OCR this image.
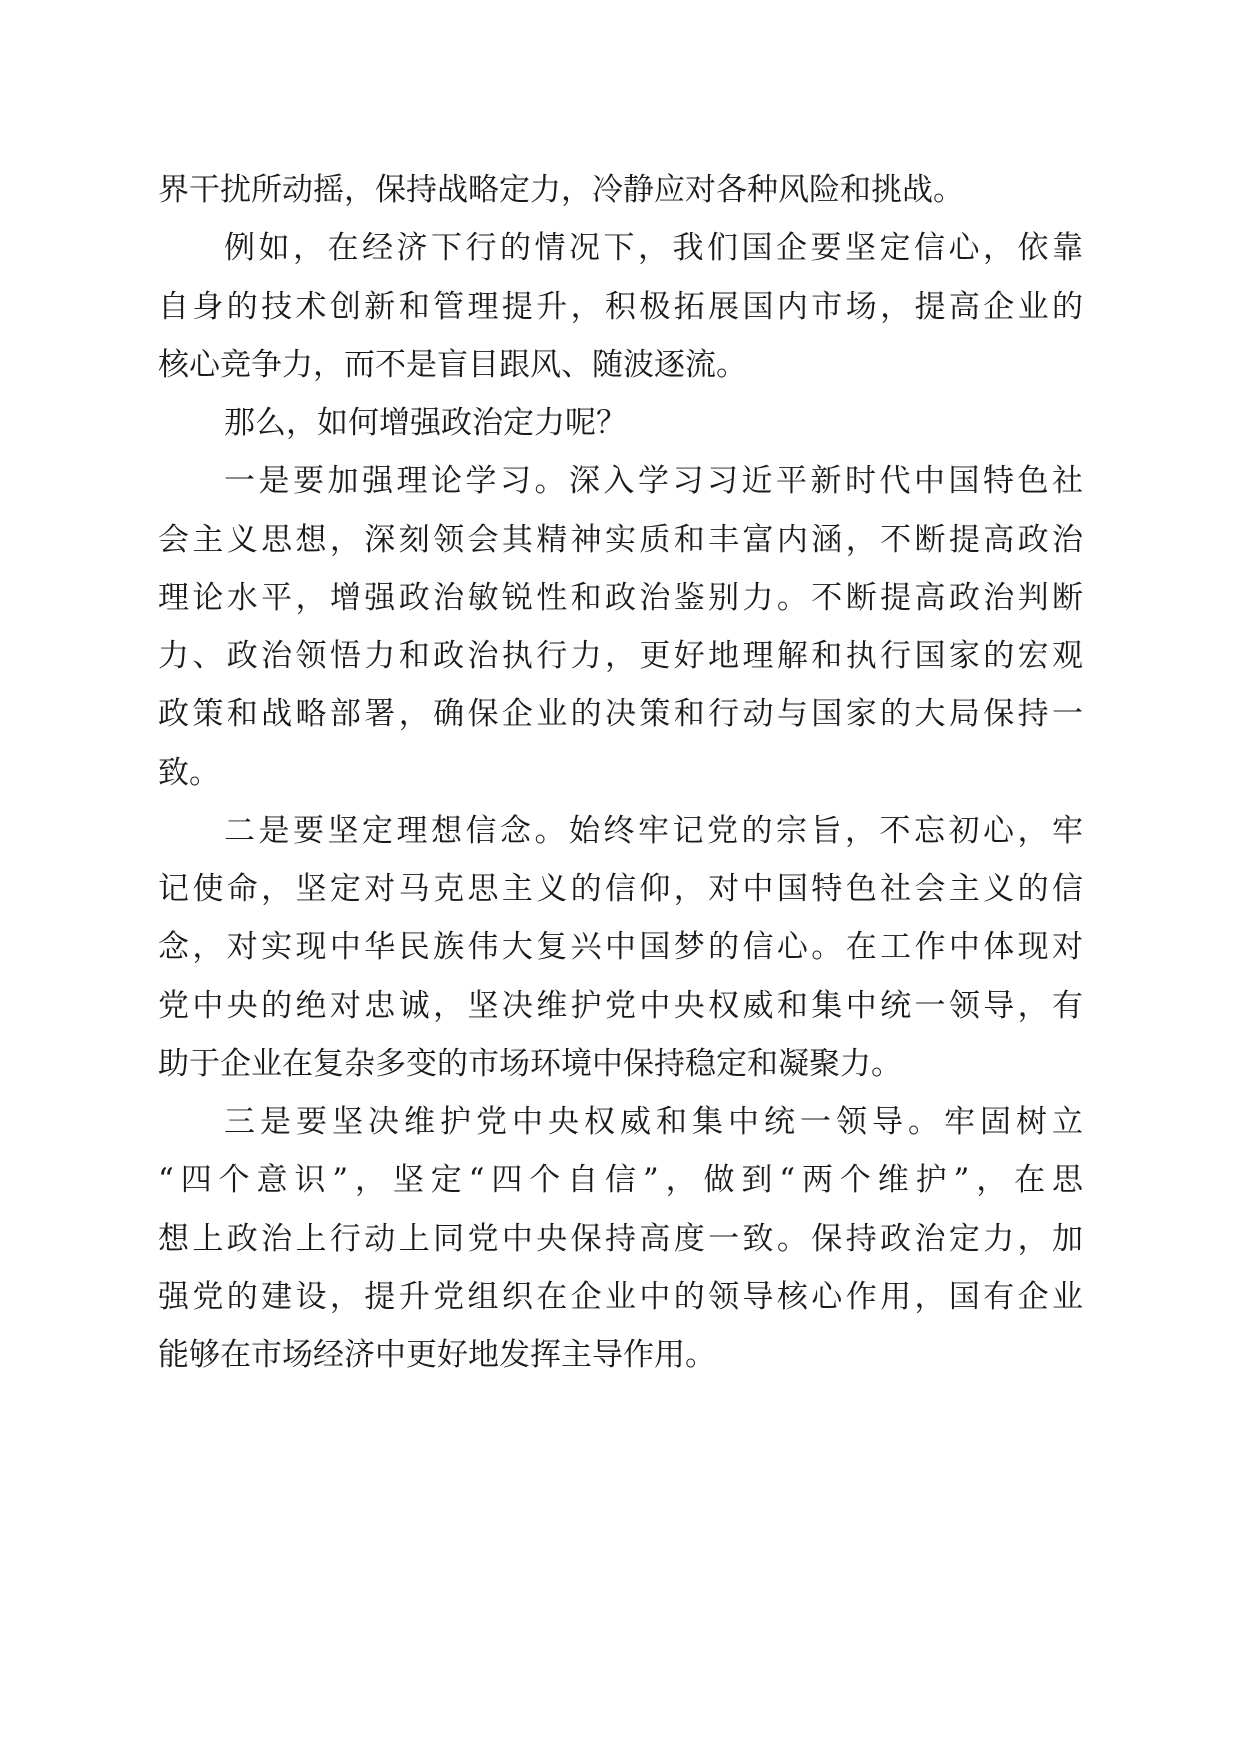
界干扰所动摇，保持战略定力，冷静应对各种风险和挑战。
例如，在经济下行的情况下，我们国企要坚定信心，依靠
自身的技术创新和管理提升，积极拓展国内市场，提高企业的
核心竞争力，而不是盲目跟风、随波逐流。
那么，如何增强政治定力呢？
一是要加强理论学习。深入学习习近平新时代中国特色社
会主义思想，深刻领会其精神实质和丰富内涵，不断提高政治
理论水平，增强政治敏锐性和政治鉴别力。不断提高政治判断
力、政治领悟力和政治执行力，更好地理解和执行国家的宏观
政策和战略部署，确保企业的决策和行动与国家的大局保持一
致。
二是要坚定理想信念。始终牢记党的宗旨，不忘初心，牢
记使命，坚定对马克思主义的信仰，对中国特色社会主义的信
念，对实现中华民族伟大复兴中国梦的信心。在工作中体现对
党中央的绝对忠诚，坚决维护党中央权威和集中统一领导，有
助于企业在复杂多变的市场环境中保持稳定和凝聚力。
三是要坚决维护党中央权威和集中统一领导。牢固树立
“四个意识”，坚定“四个自信”，做到“两个维护”，在思
想上政治上行动上同党中央保持高度一致。保持政治定力，加
强党的建设，提升党组织在企业中的领导核心作用，国有企业
能够在市场经济中更好地发挥主导作用。
